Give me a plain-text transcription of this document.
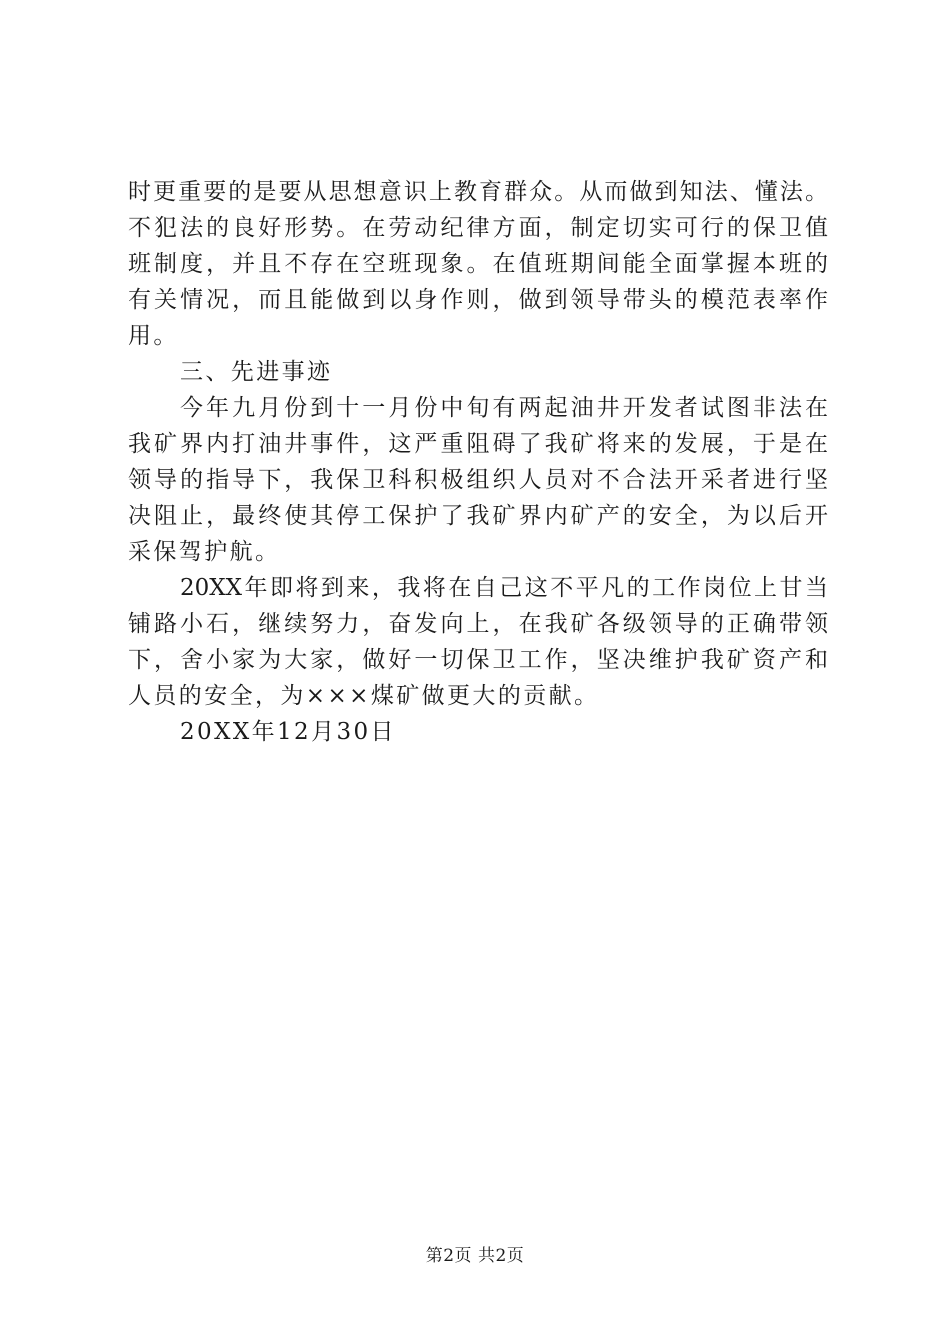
时更重要的是要从思想意识上教育群众。从而做到知法、懂法。
不犯法的良好形势。在劳动纪律方面，制定切实可行的保卫值
班制度，并且不存在空班现象。在值班期间能全面掌握本班的
有关情况，而且能做到以身作则，做到领导带头的模范表率作
用。
三、先进事迹
今年九月份到十一月份中旬有两起油井开发者试图非法在
我矿界内打油井事件，这严重阻碍了我矿将来的发展，于是在
领导的指导下，我保卫科积极组织人员对不合法开采者进行坚
决阻止，最终使其停工保护了我矿界内矿产的安全，为以后开
采保驾护航。
20XX年即将到来，我将在自己这不平凡的工作岗位上甘当
铺路小石，继续努力，奋发向上，在我矿各级领导的正确带领
下，舍小家为大家，做好一切保卫工作，坚决维护我矿资产和
人员的安全，为×××煤矿做更大的贡献。
20XX年12月30日
第2页 共2页
